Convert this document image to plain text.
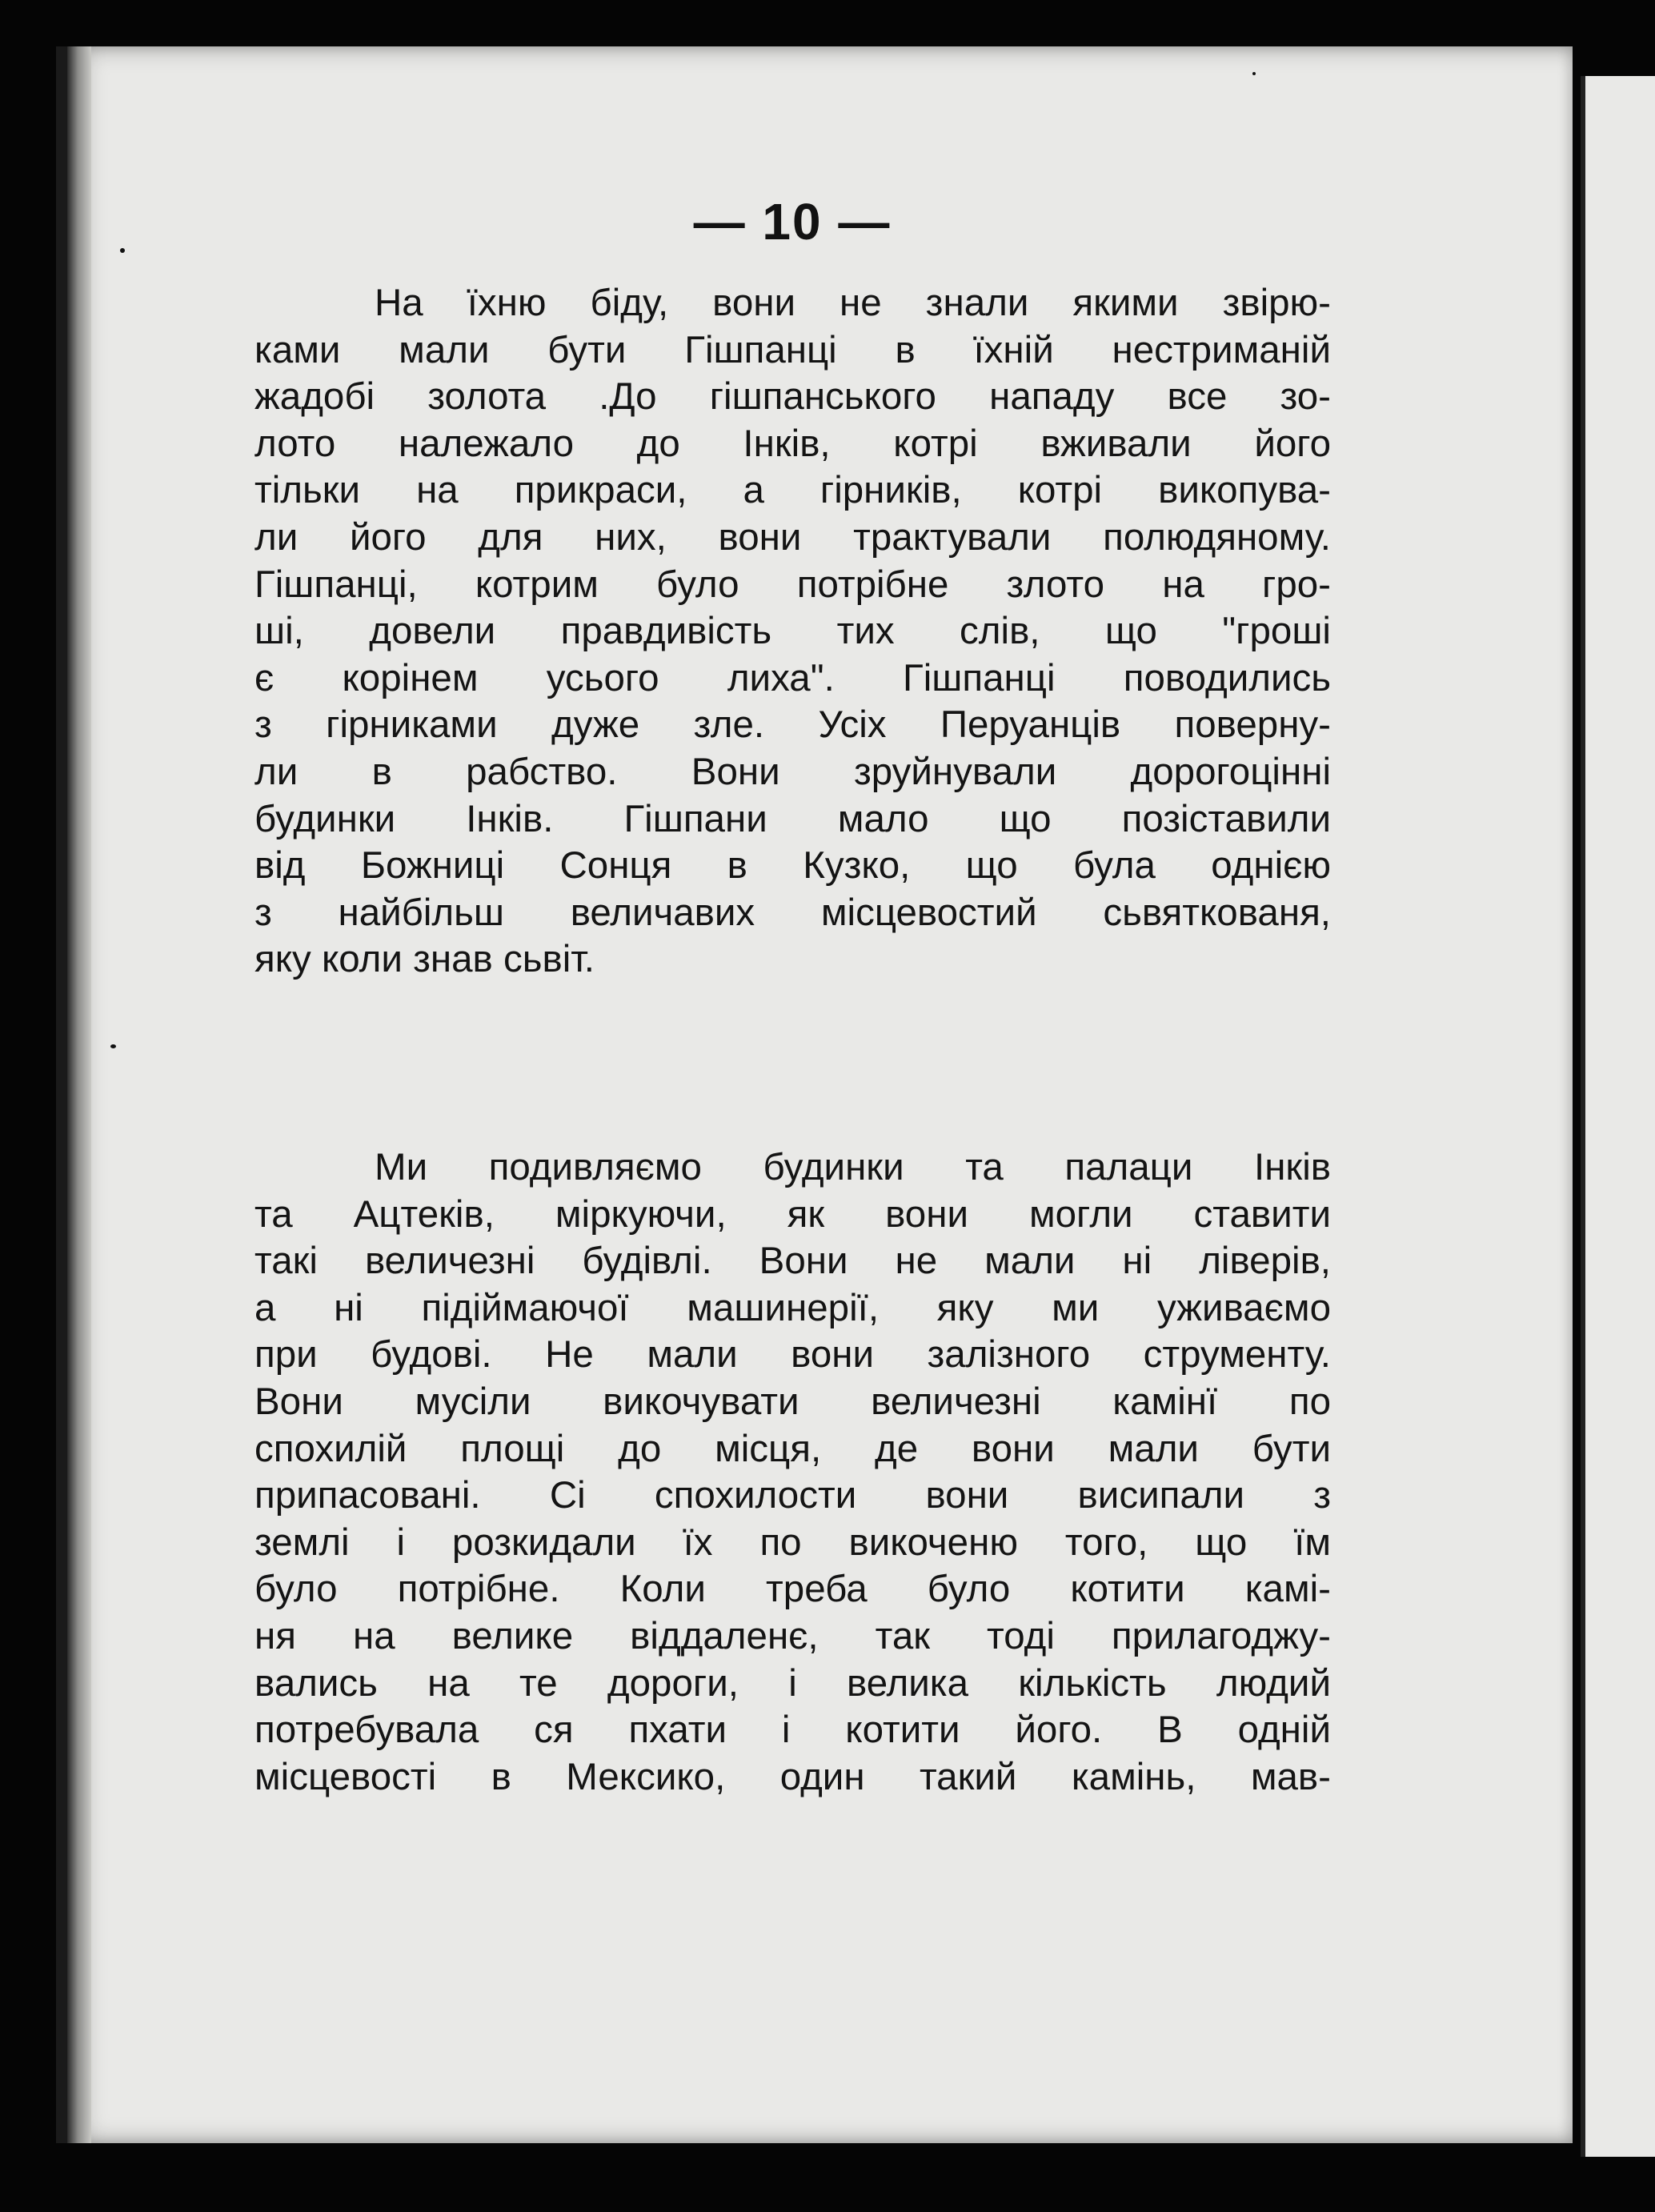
— 10 —
На їхню біду, вони не знали якими звірю-
ками мали бути Гішпанці в їхній нестриманій
жадобі золота .До гішпанського нападу все зо-
лото належало до Інків, котрі вживали його
тільки на прикраси, а гірників, котрі викопува-
ли його для них, вони трактували полюдяному.
Гішпанці, котрим було потрібне злото на гро-
ші, довели правдивість тих слів, що "гроші
є корінем усього лиха". Гішпанці поводились
з гірниками дуже зле. Усіх Перуанців поверну-
ли в рабство. Вони зруйнували дорогоцінні
будинки Інків. Гішпани мало що позіставили
від Божниці Сонця в Кузко, що була однією
з найбільш величавих місцевостий сьвяткованя,
яку коли знав сьвіт.
Ми подивляємо будинки та палаци Інків
та Ацтеків, міркуючи, як вони могли ставити
такі величезні будівлі. Вони не мали ні ліверів,
а ні підіймаючої машинерії, яку ми уживаємо
при будові. Не мали вони залізного струменту.
Вони мусіли викочувати величезні камінї по
спохилій площі до місця, де вони мали бути
припасовані. Сі спохилости вони висипали з
землі і розкидали їх по викоченю того, що їм
було потрібне. Коли треба було котити камі-
ня на велике віддаленє, так тоді прилагоджу-
вались на те дороги, і велика кількість людий
потребувала ся пхати і котити його. В одній
місцевості в Мексико, один такий камінь, мав-
